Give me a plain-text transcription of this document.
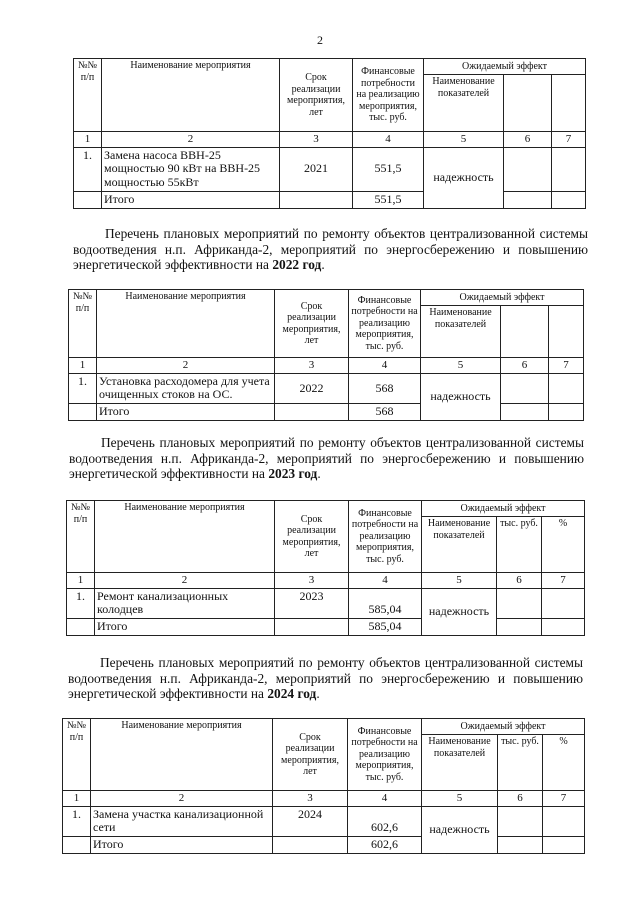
2
№№ п/п	Наименование мероприятия	Срок реализации мероприятия, лет	Финансовые потребности на реализацию мероприятия, тыс. руб.	Ожидаемый эффект		
				Наименование показателей		
1	2	3	4	5	6	7
1.	Замена насоса ВВН-25 мощностью 90 кВт на ВВН-25 мощностью 55кВт	2021	551,5	надежность		
	Итого		551,5			
Перечень плановых мероприятий по ремонту объектов централизованной системы водоотведения н.п. Африканда-2, мероприятий по энергосбережению и повышению энергетической эффективности на 2022 год.
№№ п/п	Наименование мероприятия	Срок реализации мероприятия, лет	Финансовые потребности на реализацию мероприятия, тыс. руб.	Ожидаемый эффект		
				Наименование показателей		
1	2	3	4	5	6	7
1.	Установка расходомера для учета очищенных стоков на ОС.	2022	568	надежность		
	Итого		568			
Перечень плановых мероприятий по ремонту объектов централизованной системы водоотведения н.п. Африканда-2, мероприятий по энергосбережению и повышению энергетической эффективности на 2023 год.
№№ п/п	Наименование мероприятия	Срок реализации мероприятия, лет	Финансовые потребности на реализацию мероприятия, тыс. руб.	Ожидаемый эффект		
				Наименование показателей	тыс. руб.	%
1	2	3	4	5	6	7
1.	Ремонт канализационных колодцев	2023	585,04	надежность		
	Итого		585,04			
Перечень плановых мероприятий по ремонту объектов централизованной системы водоотведения н.п. Африканда-2, мероприятий по энергосбережению и повышению энергетической эффективности на 2024 год.
№№ п/п	Наименование мероприятия	Срок реализации мероприятия, лет	Финансовые потребности на реализацию мероприятия, тыс. руб.	Ожидаемый эффект		
				Наименование показателей	тыс. руб.	%
1	2	3	4	5	6	7
1.	Замена участка канализационной сети	2024	602,6	надежность		
	Итого		602,6			
